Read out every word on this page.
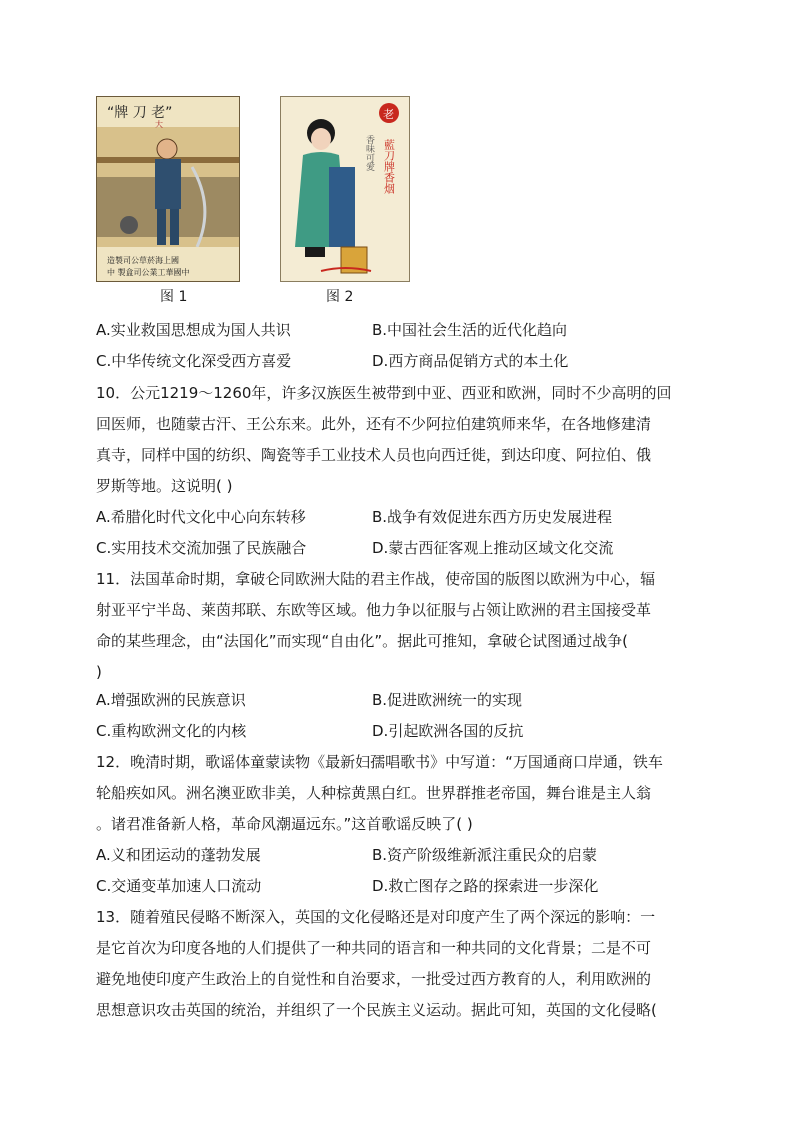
“牌 刀 老”
大
造製司公草菸海上國
中 製盒司公業工華國中
老
藍刀牌香烟
香味可愛
图 1	图 2
A.实业救国思想成为国人共识	B.中国社会生活的近代化趋向
C.中华传统文化深受西方喜爱	D.西方商品促销方式的本土化
10．公元1219～1260年，许多汉族医生被带到中亚、西亚和欧洲，同时不少高明的回
回医师，也随蒙古汗、王公东来。此外，还有不少阿拉伯建筑师来华，在各地修建清
真寺，同样中国的纺织、陶瓷等手工业技术人员也向西迁徙，到达印度、阿拉伯、俄
罗斯等地。这说明( )
A.希腊化时代文化中心向东转移	B.战争有效促进东西方历史发展进程
C.实用技术交流加强了民族融合	D.蒙古西征客观上推动区域文化交流
11．法国革命时期，拿破仑同欧洲大陆的君主作战，使帝国的版图以欧洲为中心，辐
射亚平宁半岛、莱茵邦联、东欧等区域。他力争以征服与占领让欧洲的君主国接受革
命的某些理念，由“法国化”而实现“自由化”。据此可推知，拿破仑试图通过战争(
)
A.增强欧洲的民族意识	B.促进欧洲统一的实现
C.重构欧洲文化的内核	D.引起欧洲各国的反抗
12．晚清时期，歌谣体童蒙读物《最新妇孺唱歌书》中写道：“万国通商口岸通，铁车
轮船疾如风。洲名澳亚欧非美，人种棕黄黑白红。世界群推老帝国，舞台谁是主人翁
。诸君准备新人格，革命风潮逼远东。”这首歌谣反映了( )
A.义和团运动的蓬勃发展	B.资产阶级维新派注重民众的启蒙
C.交通变革加速人口流动	D.救亡图存之路的探索进一步深化
13．随着殖民侵略不断深入，英国的文化侵略还是对印度产生了两个深远的影响：一
是它首次为印度各地的人们提供了一种共同的语言和一种共同的文化背景；二是不可
避免地使印度产生政治上的自觉性和自治要求，一批受过西方教育的人，利用欧洲的
思想意识攻击英国的统治，并组织了一个民族主义运动。据此可知，英国的文化侵略(
